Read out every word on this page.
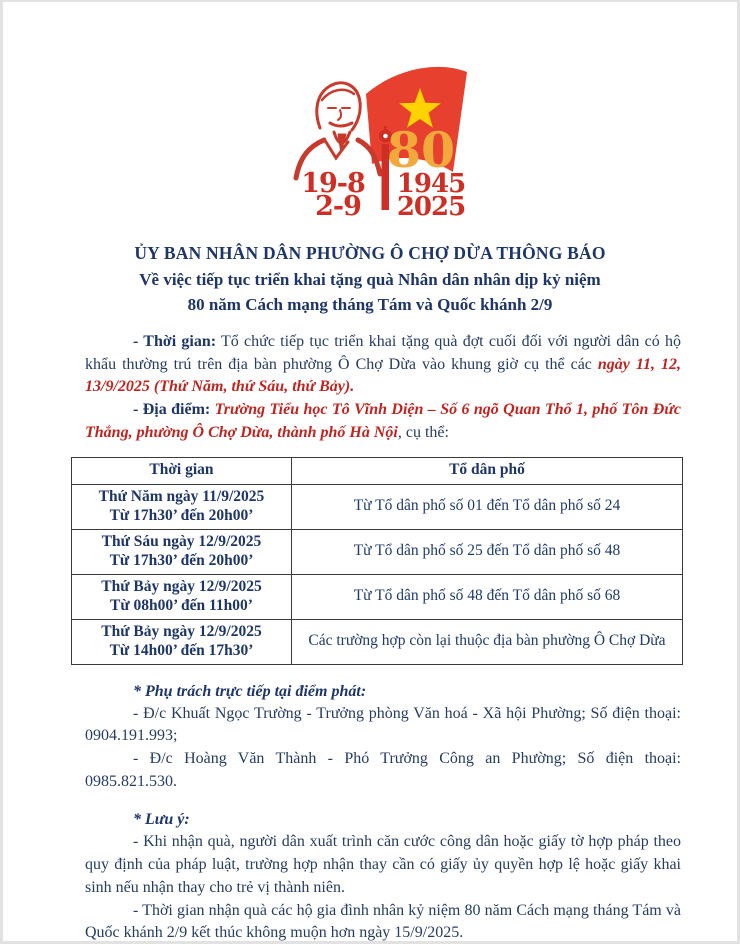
80
19-8
2-9
1945
2025
ỦY BAN NHÂN DÂN PHƯỜNG Ô CHỢ DỪA THÔNG BÁO
Về việc tiếp tục triển khai tặng quà Nhân dân nhân dịp kỷ niệm
80 năm Cách mạng tháng Tám và Quốc khánh 2/9

- Thời gian: Tổ chức tiếp tục triển khai tặng quà đợt cuối đối với người dân có hộ khẩu thường trú trên địa bàn phường Ô Chợ Dừa vào khung giờ cụ thể các ngày 11, 12, 13/9/2025 (Thứ Năm, thứ Sáu, thứ Bảy).

- Địa điểm: Trường Tiểu học Tô Vĩnh Diện – Số 6 ngõ Quan Thổ 1, phố Tôn Đức Thắng, phường Ô Chợ Dừa, thành phố Hà Nội, cụ thể:

Thời gian	Tổ dân phố

Thứ Năm ngày 11/9/2025
Từ 17h30’ đến 20h00’	Từ Tổ dân phố số 01 đến Tổ dân phố số 24

Thứ Sáu ngày 12/9/2025
Từ 17h30’ đến 20h00’	Từ Tổ dân phố số 25 đến Tổ dân phố số 48

Thứ Bảy ngày 12/9/2025
Từ 08h00’ đến 11h00’	Từ Tổ dân phố số 48 đến Tổ dân phố số 68

Thứ Bảy ngày 12/9/2025
Từ 14h00’ đến 17h30’	Các trường hợp còn lại thuộc địa bàn phường Ô Chợ Dừa
* Phụ trách trực tiếp tại điểm phát:

- Đ/c Khuất Ngọc Trường - Trưởng phòng Văn hoá - Xã hội Phường; Số điện thoại: 0904.191.993;

- Đ/c Hoàng Văn Thành - Phó Trưởng Công an Phường; Số điện thoại: 0985.821.530.

* Lưu ý:

- Khi nhận quà, người dân xuất trình căn cước công dân hoặc giấy tờ hợp pháp theo quy định của pháp luật, trường hợp nhận thay cần có giấy ủy quyền hợp lệ hoặc giấy khai sinh nếu nhận thay cho trẻ vị thành niên.

- Thời gian nhận quà các hộ gia đình nhân kỷ niệm 80 năm Cách mạng tháng Tám và Quốc khánh 2/9 kết thúc không muộn hơn ngày 15/9/2025.
